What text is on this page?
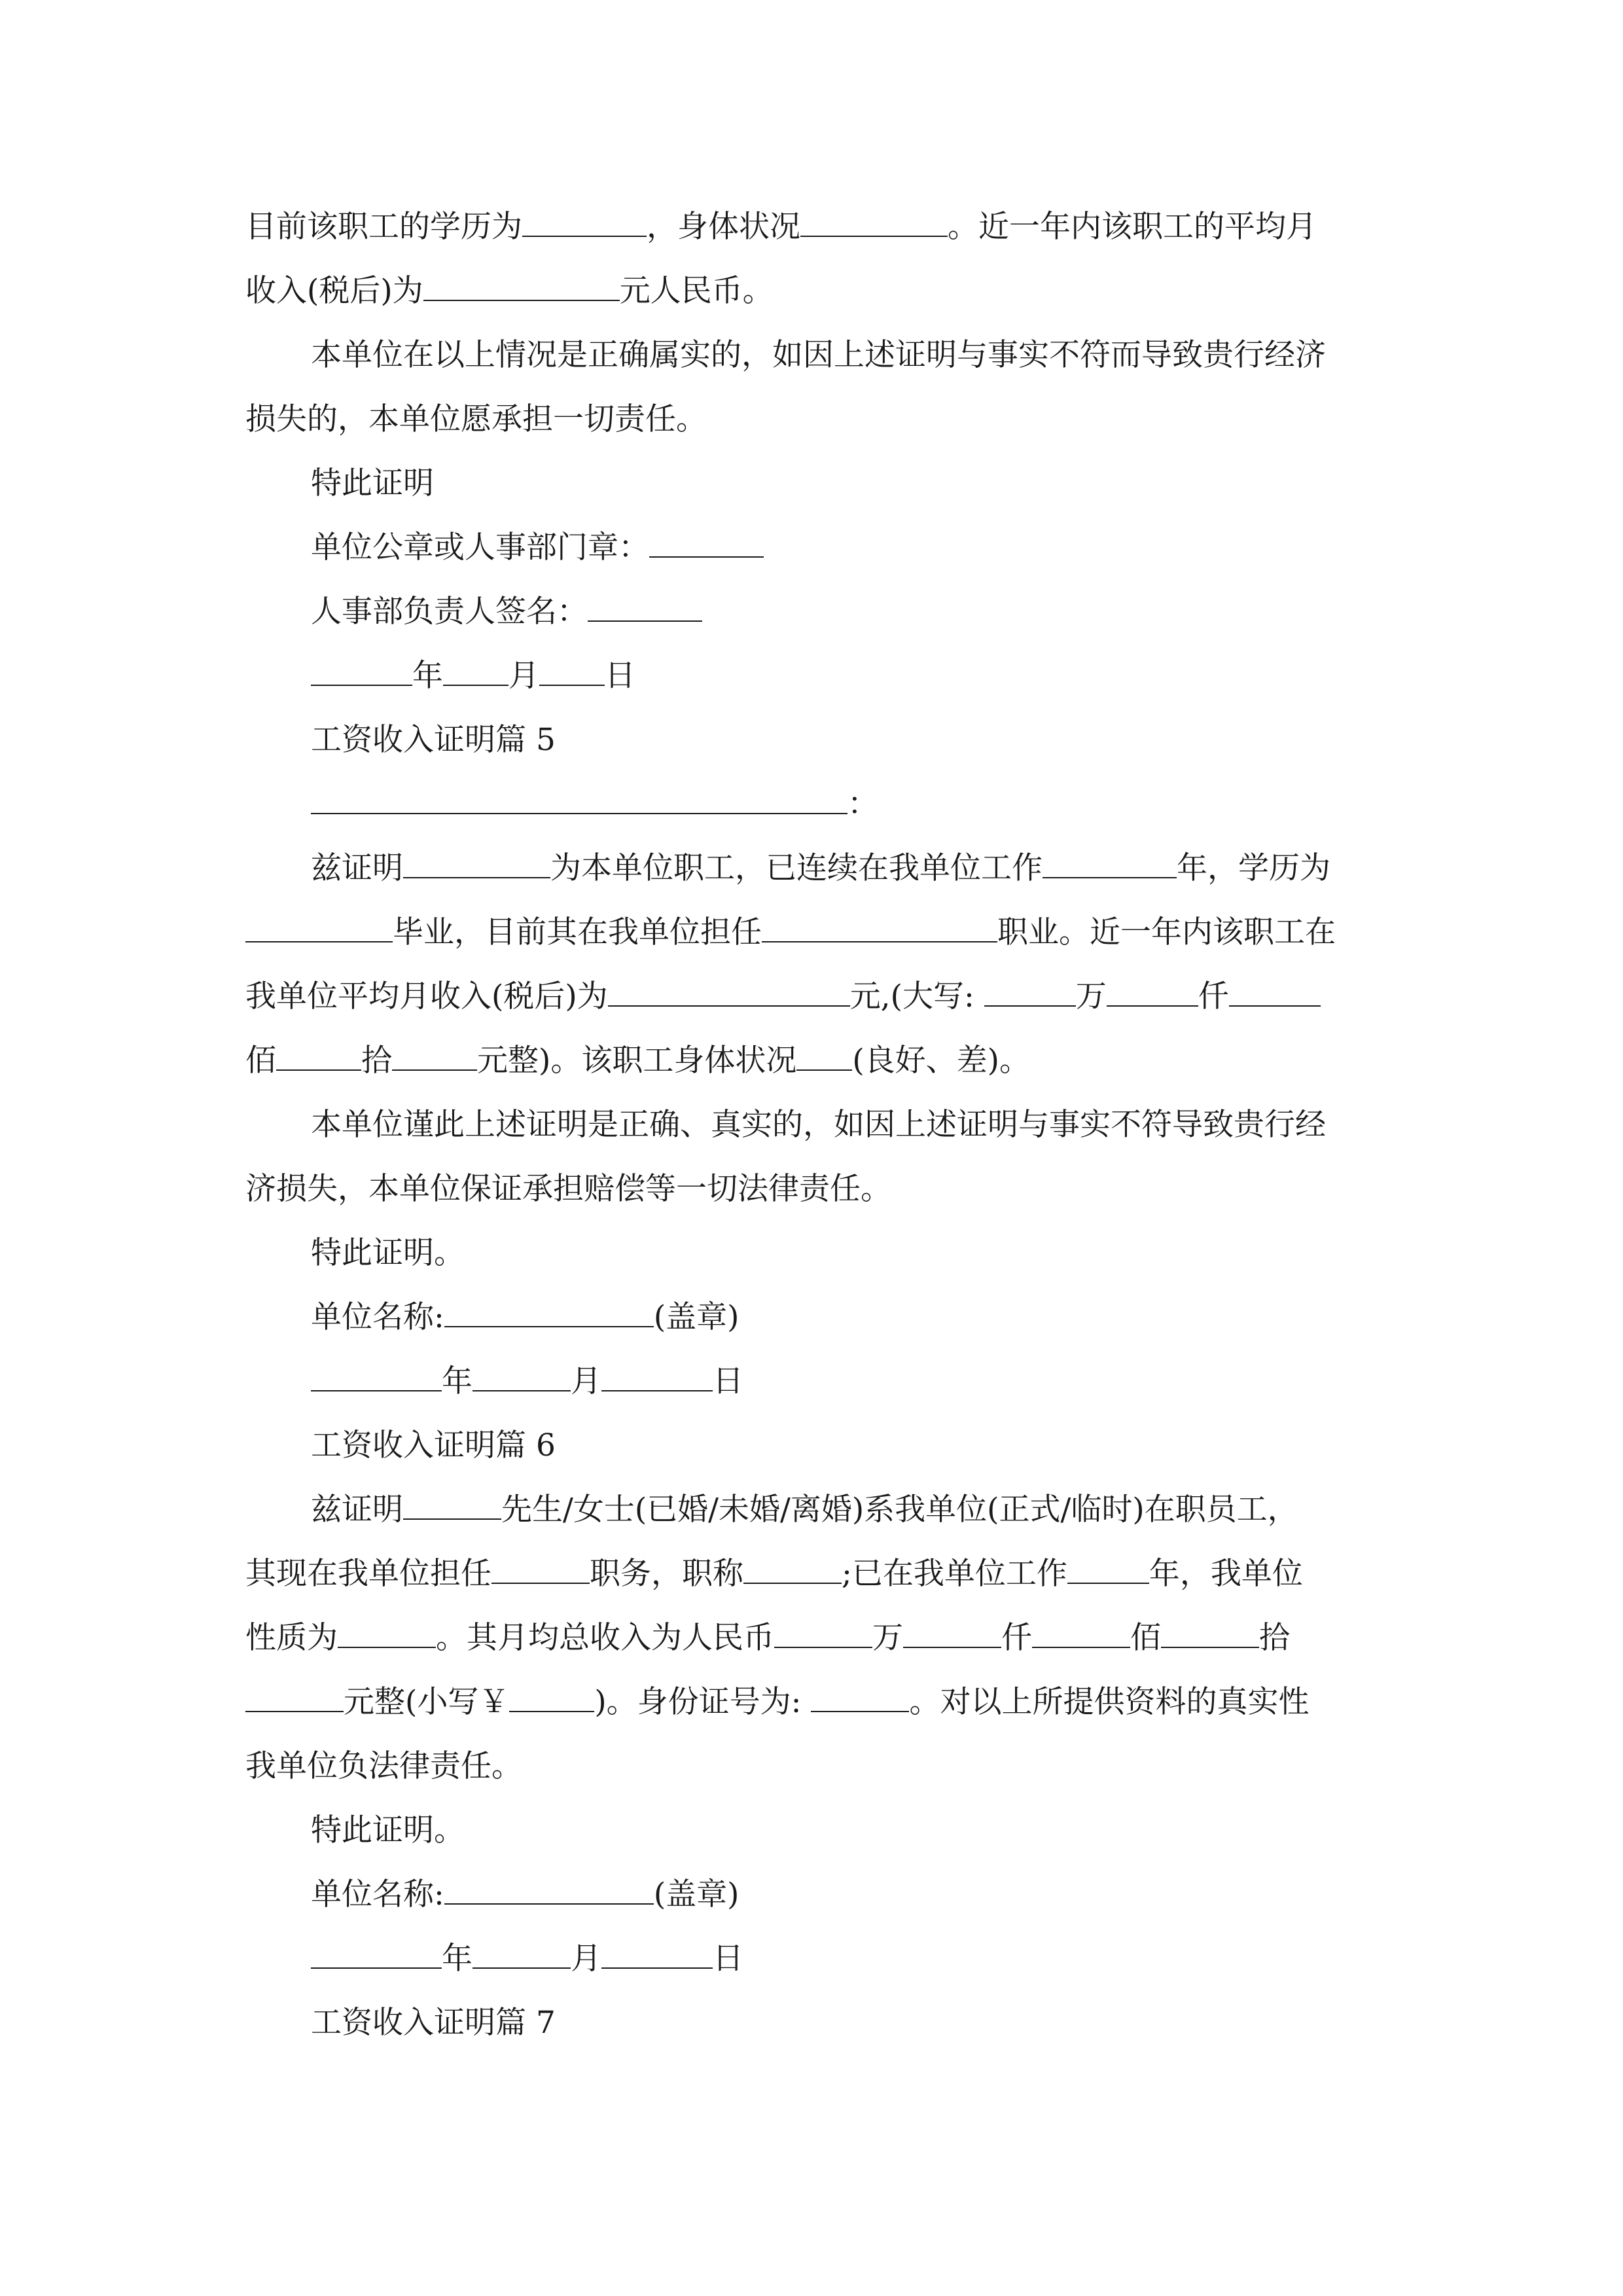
目前该职工的学历为	，身体状况	。近一年内该职工的平均月
收入(税后)为	元人民币。
本单位在以上情况是正确属实的，如因上述证明与事实不符而导致贵行经济
损失的，本单位愿承担一切责任。
特此证明
单位公章或人事部门章：
人事部负责人签名：
年 月 日
工资收入证明篇 5
：
兹证明	为本单位职工，已连续在我单位工作	年，学历为
毕业，目前其在我单位担任	职业。近一年内该职工在
我单位平均月收入(税后)为	元,(大写:	万	仟
佰	拾	元整)。该职工身体状况 (良好、差)。
本单位谨此上述证明是正确、真实的，如因上述证明与事实不符导致贵行经
济损失，本单位保证承担赔偿等一切法律责任。
特此证明。
单位名称:	(盖章)
年	月	日
工资收入证明篇 6
兹证明	先生/女士(已婚/未婚/离婚)系我单位(正式/临时)在职员工，
其现在我单位担任	职务，职称	;已在我单位工作	年，我单位
性质为	。其月均总收入为人民币	万	仟	佰	拾
元整(小写￥	)。身份证号为:	。对以上所提供资料的真实性
我单位负法律责任。
特此证明。
单位名称:	(盖章)
年	月	日
工资收入证明篇 7
